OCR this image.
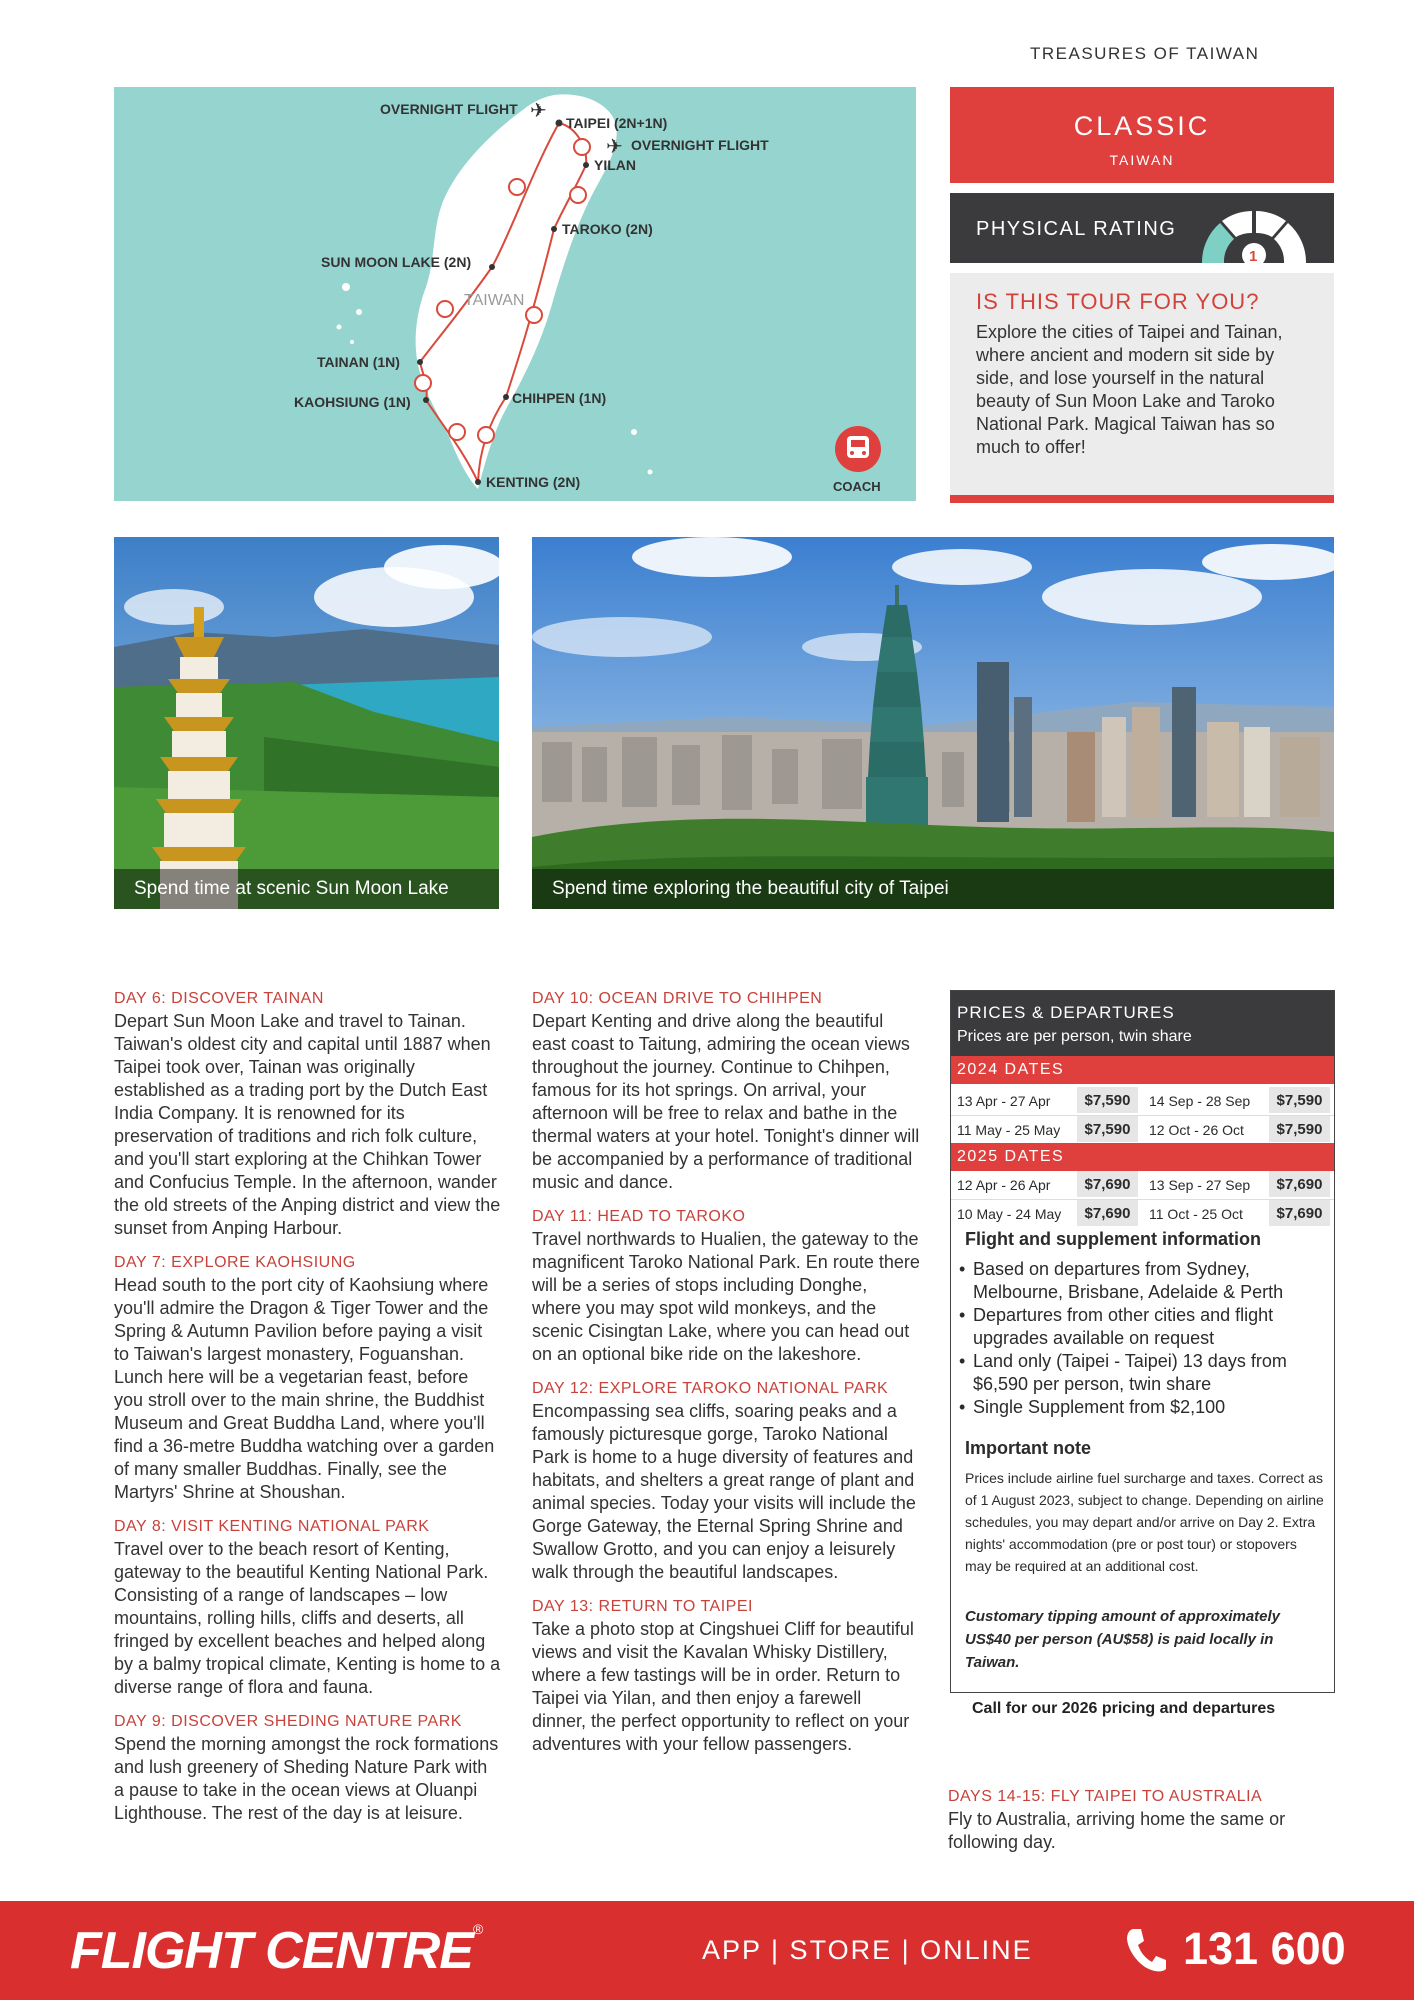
TREASURES OF TAIWAN
✈
✈
OVERNIGHT FLIGHT
TAIPEI (2N+1N)
OVERNIGHT FLIGHT
YILAN
TAROKO (2N)
SUN MOON LAKE (2N)
TAIWAN
TAINAN (1N)
KAOHSIUNG (1N)	CHIHPEN (1N)
KENTING (2N)	COACH
CLASSIC
TAIWAN
PHYSICAL RATING
1
IS THIS TOUR FOR YOU?
Explore the cities of Taipei and Tainan, where ancient and modern sit side by side, and lose yourself in the natural beauty of Sun Moon Lake and Taroko National Park. Magical Taiwan has so much to offer!
Spend time at scenic Sun Moon Lake	Spend time exploring the beautiful city of Taipei
DAY 6: DISCOVER TAINAN
Depart Sun Moon Lake and travel to Tainan. Taiwan's oldest city and capital until 1887 when Taipei took over, Tainan was originally established as a trading port by the Dutch East India Company. It is renowned for its preservation of traditions and rich folk culture, and you'll start exploring at the Chihkan Tower and Confucius Temple. In the afternoon, wander the old streets of the Anping district and view the sunset from Anping Harbour.
DAY 7: EXPLORE KAOHSIUNG
Head south to the port city of Kaohsiung where you'll admire the Dragon & Tiger Tower and the Spring & Autumn Pavilion before paying a visit to Taiwan's largest monastery, Foguanshan. Lunch here will be a vegetarian feast, before you stroll over to the main shrine, the Buddhist Museum and Great Buddha Land, where you'll find a 36-metre Buddha watching over a garden of many smaller Buddhas. Finally, see the Martyrs' Shrine at Shoushan.
DAY 8: VISIT KENTING NATIONAL PARK
Travel over to the beach resort of Kenting, gateway to the beautiful Kenting National Park. Consisting of a range of landscapes – low mountains, rolling hills, cliffs and deserts, all fringed by excellent beaches and helped along by a balmy tropical climate, Kenting is home to a diverse range of flora and fauna.
DAY 9: DISCOVER SHEDING NATURE PARK
Spend the morning amongst the rock formations and lush greenery of Sheding Nature Park with a pause to take in the ocean views at Oluanpi Lighthouse. The rest of the day is at leisure.
DAY 10: OCEAN DRIVE TO CHIHPEN
Depart Kenting and drive along the beautiful east coast to Taitung, admiring the ocean views throughout the journey. Continue to Chihpen, famous for its hot springs. On arrival, your afternoon will be free to relax and bathe in the thermal waters at your hotel. Tonight's dinner will be accompanied by a performance of traditional music and dance.
DAY 11: HEAD TO TAROKO
Travel northwards to Hualien, the gateway to the magnificent Taroko National Park. En route there will be a series of stops including Donghe, where you may spot wild monkeys, and the scenic Cisingtan Lake, where you can head out on an optional bike ride on the lakeshore.
DAY 12: EXPLORE TAROKO NATIONAL PARK
Encompassing sea cliffs, soaring peaks and a famously picturesque gorge, Taroko National Park is home to a huge diversity of features and habitats, and shelters a great range of plant and animal species. Today your visits will include the Gorge Gateway, the Eternal Spring Shrine and Swallow Grotto, and you can enjoy a leisurely walk through the beautiful landscapes.
DAY 13: RETURN TO TAIPEI
Take a photo stop at Cingshuei Cliff for beautiful views and visit the Kavalan Whisky Distillery, where a few tastings will be in order. Return to Taipei via Yilan, and then enjoy a farewell dinner, the perfect opportunity to reflect on your adventures with your fellow passengers.
PRICES & DEPARTURES
Prices are per person, twin share
2024 DATES
13 Apr - 27 Apr	$7,590	14 Sep - 28 Sep	$7,590
11 May - 25 May	$7,590	12 Oct - 26 Oct	$7,590
2025 DATES
12 Apr - 26 Apr	$7,690	13 Sep - 27 Sep	$7,690
10 May - 24 May	$7,690	11 Oct - 25 Oct	$7,690
Flight and supplement information
• Based on departures from Sydney, Melbourne, Brisbane, Adelaide & Perth
• Departures from other cities and flight upgrades available on request
• Land only (Taipei - Taipei) 13 days from $6,590 per person, twin share
• Single Supplement from $2,100
Important note
Prices include airline fuel surcharge and taxes. Correct as of 1 August 2023, subject to change. Depending on airline schedules, you may depart and/or arrive on Day 2. Extra nights' accommodation (pre or post tour) or stopovers may be required at an additional cost.
Customary tipping amount of approximately US$40 per person (AU$58) is paid locally in Taiwan.
Call for our 2026 pricing and departures
DAYS 14-15: FLY TAIPEI TO AUSTRALIA
Fly to Australia, arriving home the same or following day.
FLIGHT CENTRE®
APP | STORE | ONLINE	131 600
